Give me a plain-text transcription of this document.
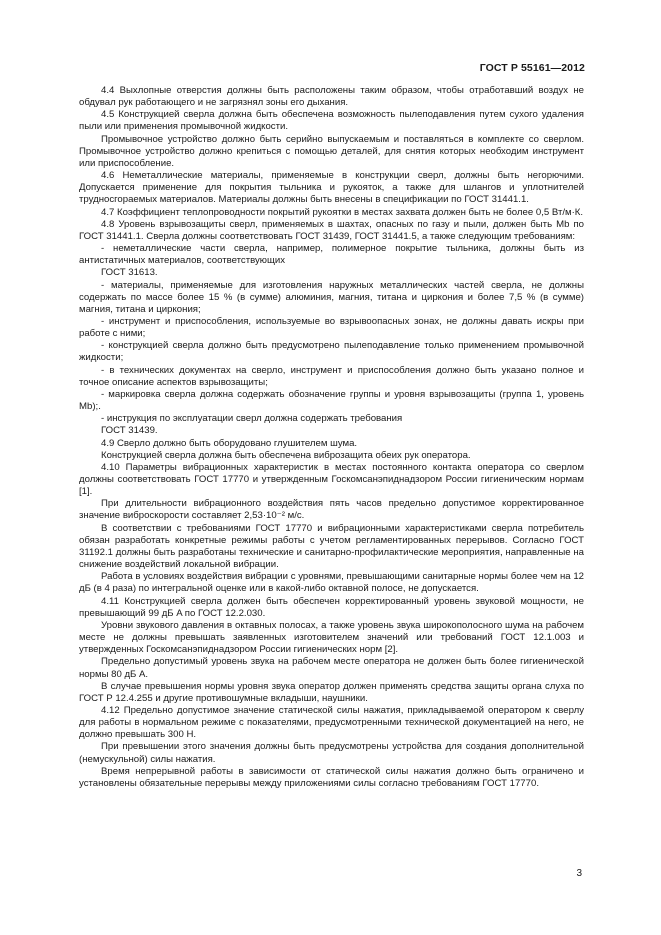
ГОСТ Р 55161—2012

4.4 Выхлопные отверстия должны быть расположены таким образом, чтобы отработавший воздух не обдувал рук работающего и не загрязнял зоны его дыхания.

4.5 Конструкцией сверла должна быть обеспечена возможность пылеподавления путем сухого удаления пыли или применения промывочной жидкости.

Промывочное устройство должно быть серийно выпускаемым и поставляться в комплекте со сверлом. Промывочное устройство должно крепиться с помощью деталей, для снятия которых необходим инструмент или приспособление.

4.6 Неметаллические материалы, применяемые в конструкции сверл, должны быть негорючими. Допускается применение для покрытия тыльника и рукояток, а также для шлангов и уплотнителей трудносгораемых материалов. Материалы должны быть внесены в спецификации по ГОСТ 31441.1.

4.7 Коэффициент теплопроводности покрытий рукоятки в местах захвата должен быть не более 0,5 Вт/м·К.

4.8 Уровень взрывозащиты сверл, применяемых в шахтах, опасных по газу и пыли, должен быть Mb по ГОСТ 31441.1. Сверла должны соответствовать ГОСТ 31439, ГОСТ 31441.5, а также следующим требованиям:

- неметаллические части сверла, например, полимерное покрытие тыльника, должны быть из антистатичных материалов, соответствующих

ГОСТ 31613.

- материалы, применяемые для изготовления наружных металлических частей сверла, не должны содержать по массе более 15 % (в сумме) алюминия, магния, титана и циркония и более 7,5 % (в сумме) магния, титана и циркония;

- инструмент и приспособления, используемые во взрывоопасных зонах, не должны давать искры при работе с ними;

- конструкцией сверла должно быть предусмотрено пылеподавление только применением промывочной жидкости;

- в технических документах на сверло, инструмент и приспособления должно быть указано полное и точное описание аспектов взрывозащиты;

- маркировка сверла должна содержать обозначение группы и уровня взрывозащиты (группа 1, уровень Mb);.

- инструкция по эксплуатации сверл должна содержать требования

ГОСТ 31439.

4.9 Сверло должно быть оборудовано глушителем шума.

Конструкцией сверла должна быть обеспечена виброзащита обеих рук оператора.

4.10 Параметры вибрационных характеристик в местах постоянного контакта оператора со сверлом должны соответствовать ГОСТ 17770 и утвержденным Госкомсанэпиднадзором России гигиеническим нормам [1].

При длительности вибрационного воздействия пять часов предельно допустимое корректированное значение виброскорости составляет 2,53·10⁻² м/с.

В соответствии с требованиями ГОСТ 17770 и вибрационными характеристиками сверла потребитель обязан разработать конкретные режимы работы с учетом регламентированных перерывов. Согласно ГОСТ 31192.1 должны быть разработаны технические и санитарно-профилактические мероприятия, направленные на снижение воздействий локальной вибрации.

Работа в условиях воздействия вибрации с уровнями, превышающими санитарные нормы более чем на 12 дБ (в 4 раза) по интегральной оценке или в какой-либо октавной полосе, не допускается.

4.11 Конструкцией сверла должен быть обеспечен корректированный уровень звуковой мощности, не превышающий 99 дБ A по ГОСТ 12.2.030.

Уровни звукового давления в октавных полосах, а также уровень звука широкополосного шума на рабочем месте не должны превышать заявленных изготовителем значений или требований ГОСТ 12.1.003 и утвержденных Госкомсанэпиднадзором России гигиенических норм [2].

Предельно допустимый уровень звука на рабочем месте оператора не должен быть более гигиенической нормы 80 дБ A.

В случае превышения нормы уровня звука оператор должен применять средства защиты органа слуха по ГОСТ Р 12.4.255 и другие противошумные вкладыши, наушники.

4.12 Предельно допустимое значение статической силы нажатия, прикладываемой оператором к сверлу для работы в нормальном режиме с показателями, предусмотренными технической документацией на него, не должно превышать 300 Н.

При превышении этого значения должны быть предусмотрены устройства для создания дополнительной (немускульной) силы нажатия.

Время непрерывной работы в зависимости от статической силы нажатия должно быть ограничено и установлены обязательные перерывы между приложениями силы согласно требованиям ГОСТ 17770.

3
